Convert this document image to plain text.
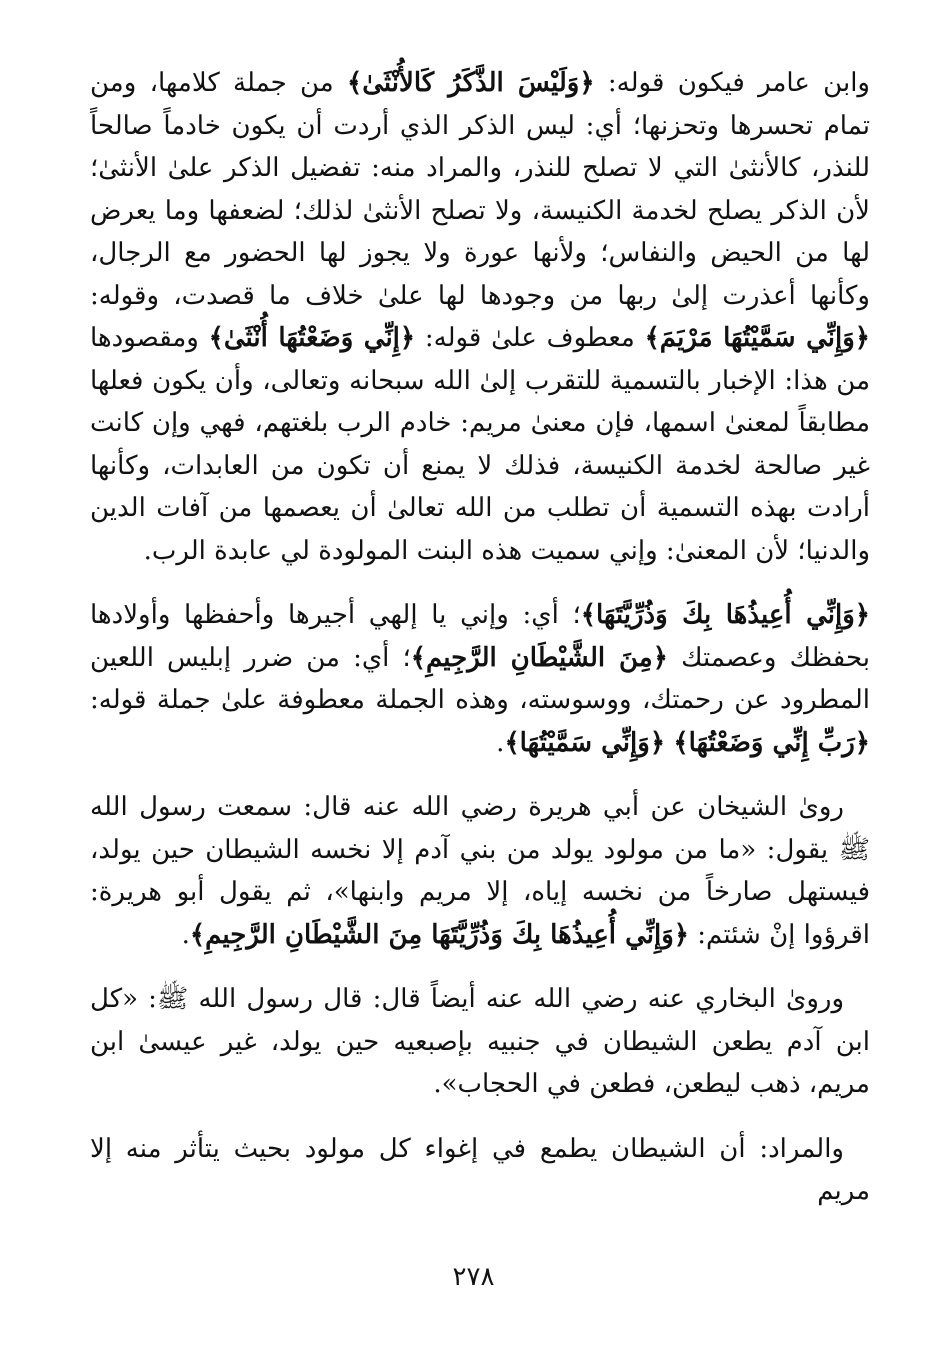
وابن عامر فيكون قوله: ﴿وَلَيْسَ الذَّكَرُ كَالأُنْثَىٰ﴾ من جملة كلامها، ومن تمام تحسرها وتحزنها؛ أي: ليس الذكر الذي أردت أن يكون خادماً صالحاً للنذر، كالأنثىٰ التي لا تصلح للنذر، والمراد منه: تفضيل الذكر علىٰ الأنثىٰ؛ لأن الذكر يصلح لخدمة الكنيسة، ولا تصلح الأنثىٰ لذلك؛ لضعفها وما يعرض لها من الحيض والنفاس؛ ولأنها عورة ولا يجوز لها الحضور مع الرجال، وكأنها أعذرت إلىٰ ربها من وجودها لها علىٰ خلاف ما قصدت، وقوله: ﴿وَإِنِّي سَمَّيْتُهَا مَرْيَمَ﴾ معطوف علىٰ قوله: ﴿إِنِّي وَضَعْتُهَا أُنْثَىٰ﴾ ومقصودها من هذا: الإخبار بالتسمية للتقرب إلىٰ الله سبحانه وتعالى، وأن يكون فعلها مطابقاً لمعنىٰ اسمها، فإن معنىٰ مريم: خادم الرب بلغتهم، فهي وإن كانت غير صالحة لخدمة الكنيسة، فذلك لا يمنع أن تكون من العابدات، وكأنها أرادت بهذه التسمية أن تطلب من الله تعالىٰ أن يعصمها من آفات الدين والدنيا؛ لأن المعنىٰ: وإني سميت هذه البنت المولودة لي عابدة الرب.

﴿وَإِنِّي أُعِيذُهَا بِكَ وَذُرِّيَّتَهَا﴾؛ أي: وإني يا إلهي أجيرها وأحفظها وأولادها بحفظك وعصمتك ﴿مِنَ الشَّيْطَانِ الرَّجِيمِ﴾؛ أي: من ضرر إبليس اللعين المطرود عن رحمتك، ووسوسته، وهذه الجملة معطوفة علىٰ جملة قوله: ﴿رَبِّ إِنِّي وَضَعْتُهَا﴾ ﴿وَإِنِّي سَمَّيْتُهَا﴾.

رویٰ الشيخان عن أبي هريرة رضي الله عنه قال: سمعت رسول الله ﷺ يقول: «ما من مولود يولد من بني آدم إلا نخسه الشيطان حين يولد، فيستهل صارخاً من نخسه إياه، إلا مريم وابنها»، ثم يقول أبو هريرة: اقرؤوا إنْ شئتم: ﴿وَإِنِّي أُعِيذُهَا بِكَ وَذُرِّيَّتَهَا مِنَ الشَّيْطَانِ الرَّجِيمِ﴾.

ورویٰ البخاري عنه رضي الله عنه أيضاً قال: قال رسول الله ﷺ: «كل ابن آدم يطعن الشيطان في جنبيه بإصبعيه حين يولد، غير عيسىٰ ابن مريم، ذهب ليطعن، فطعن في الحجاب».

والمراد: أن الشيطان يطمع في إغواء كل مولود بحيث يتأثر منه إلا مريم

٢٧٨
